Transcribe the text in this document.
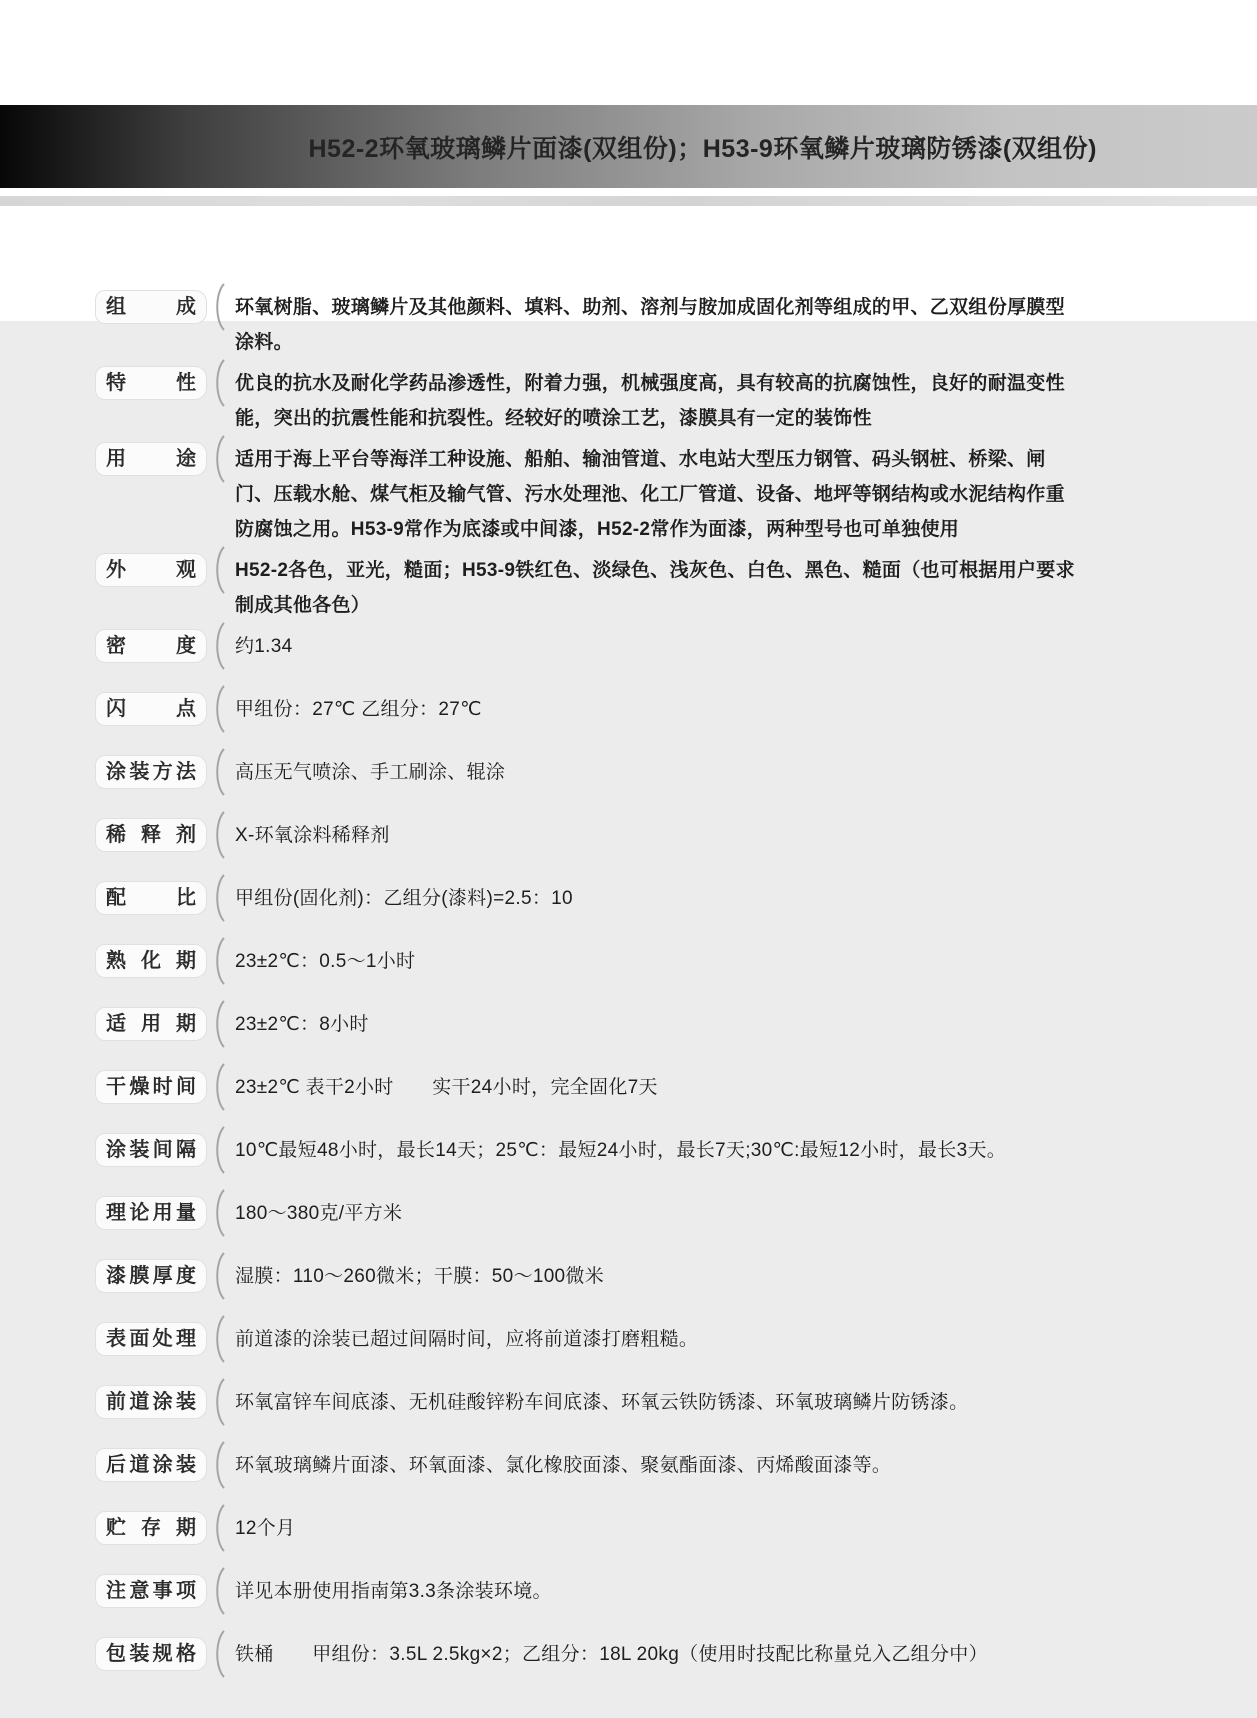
H52-2环氧玻璃鳞片面漆(双组份)；H53-9环氧鳞片玻璃防锈漆(双组份)
组 成 环氧树脂、玻璃鳞片及其他颜料、填料、助剂、溶剂与胺加成固化剂等组成的甲、乙双组份厚膜型涂料。
特 性 优良的抗水及耐化学药品渗透性，附着力强，机械强度高，具有较高的抗腐蚀性，良好的耐温变性能，突出的抗震性能和抗裂性。经较好的喷涂工艺，漆膜具有一定的装饰性
用 途 适用于海上平台等海洋工种设施、船舶、输油管道、水电站大型压力钢管、码头钢桩、桥梁、闸门、压载水舱、煤气柜及输气管、污水处理池、化工厂管道、设备、地坪等钢结构或水泥结构作重防腐蚀之用。H53-9常作为底漆或中间漆，H52-2常作为面漆，两种型号也可单独使用
外 观 H52-2各色，亚光，糙面；H53-9铁红色、淡绿色、浅灰色、白色、黑色、糙面（也可根据用户要求制成其他各色）
密 度 约1.34
闪 点 甲组份：27℃ 乙组分：27℃
涂装方法 高压无气喷涂、手工刷涂、辊涂
稀 释 剂 X-环氧涂料稀释剂
配 比 甲组份(固化剂)：乙组分(漆料)=2.5：10
熟 化 期 23±2℃：0.5～1小时
适 用 期 23±2℃：8小时
干燥时间 23±2℃ 表干2小时　　实干24小时，完全固化7天
涂装间隔 10℃最短48小时，最长14天；25℃：最短24小时，最长7天;30℃:最短12小时，最长3天。
理论用量 180～380克/平方米
漆膜厚度 湿膜：110～260微米；干膜：50～100微米
表面处理 前道漆的涂装已超过间隔时间，应将前道漆打磨粗糙。
前道涂装 环氧富锌车间底漆、无机硅酸锌粉车间底漆、环氧云铁防锈漆、环氧玻璃鳞片防锈漆。
后道涂装 环氧玻璃鳞片面漆、环氧面漆、氯化橡胶面漆、聚氨酯面漆、丙烯酸面漆等。
贮 存 期 12个月
注意事项 详见本册使用指南第3.3条涂装环境。
包装规格 铁桶　　甲组份：3.5L 2.5kg×2；乙组分：18L 20kg（使用时技配比称量兑入乙组分中）
